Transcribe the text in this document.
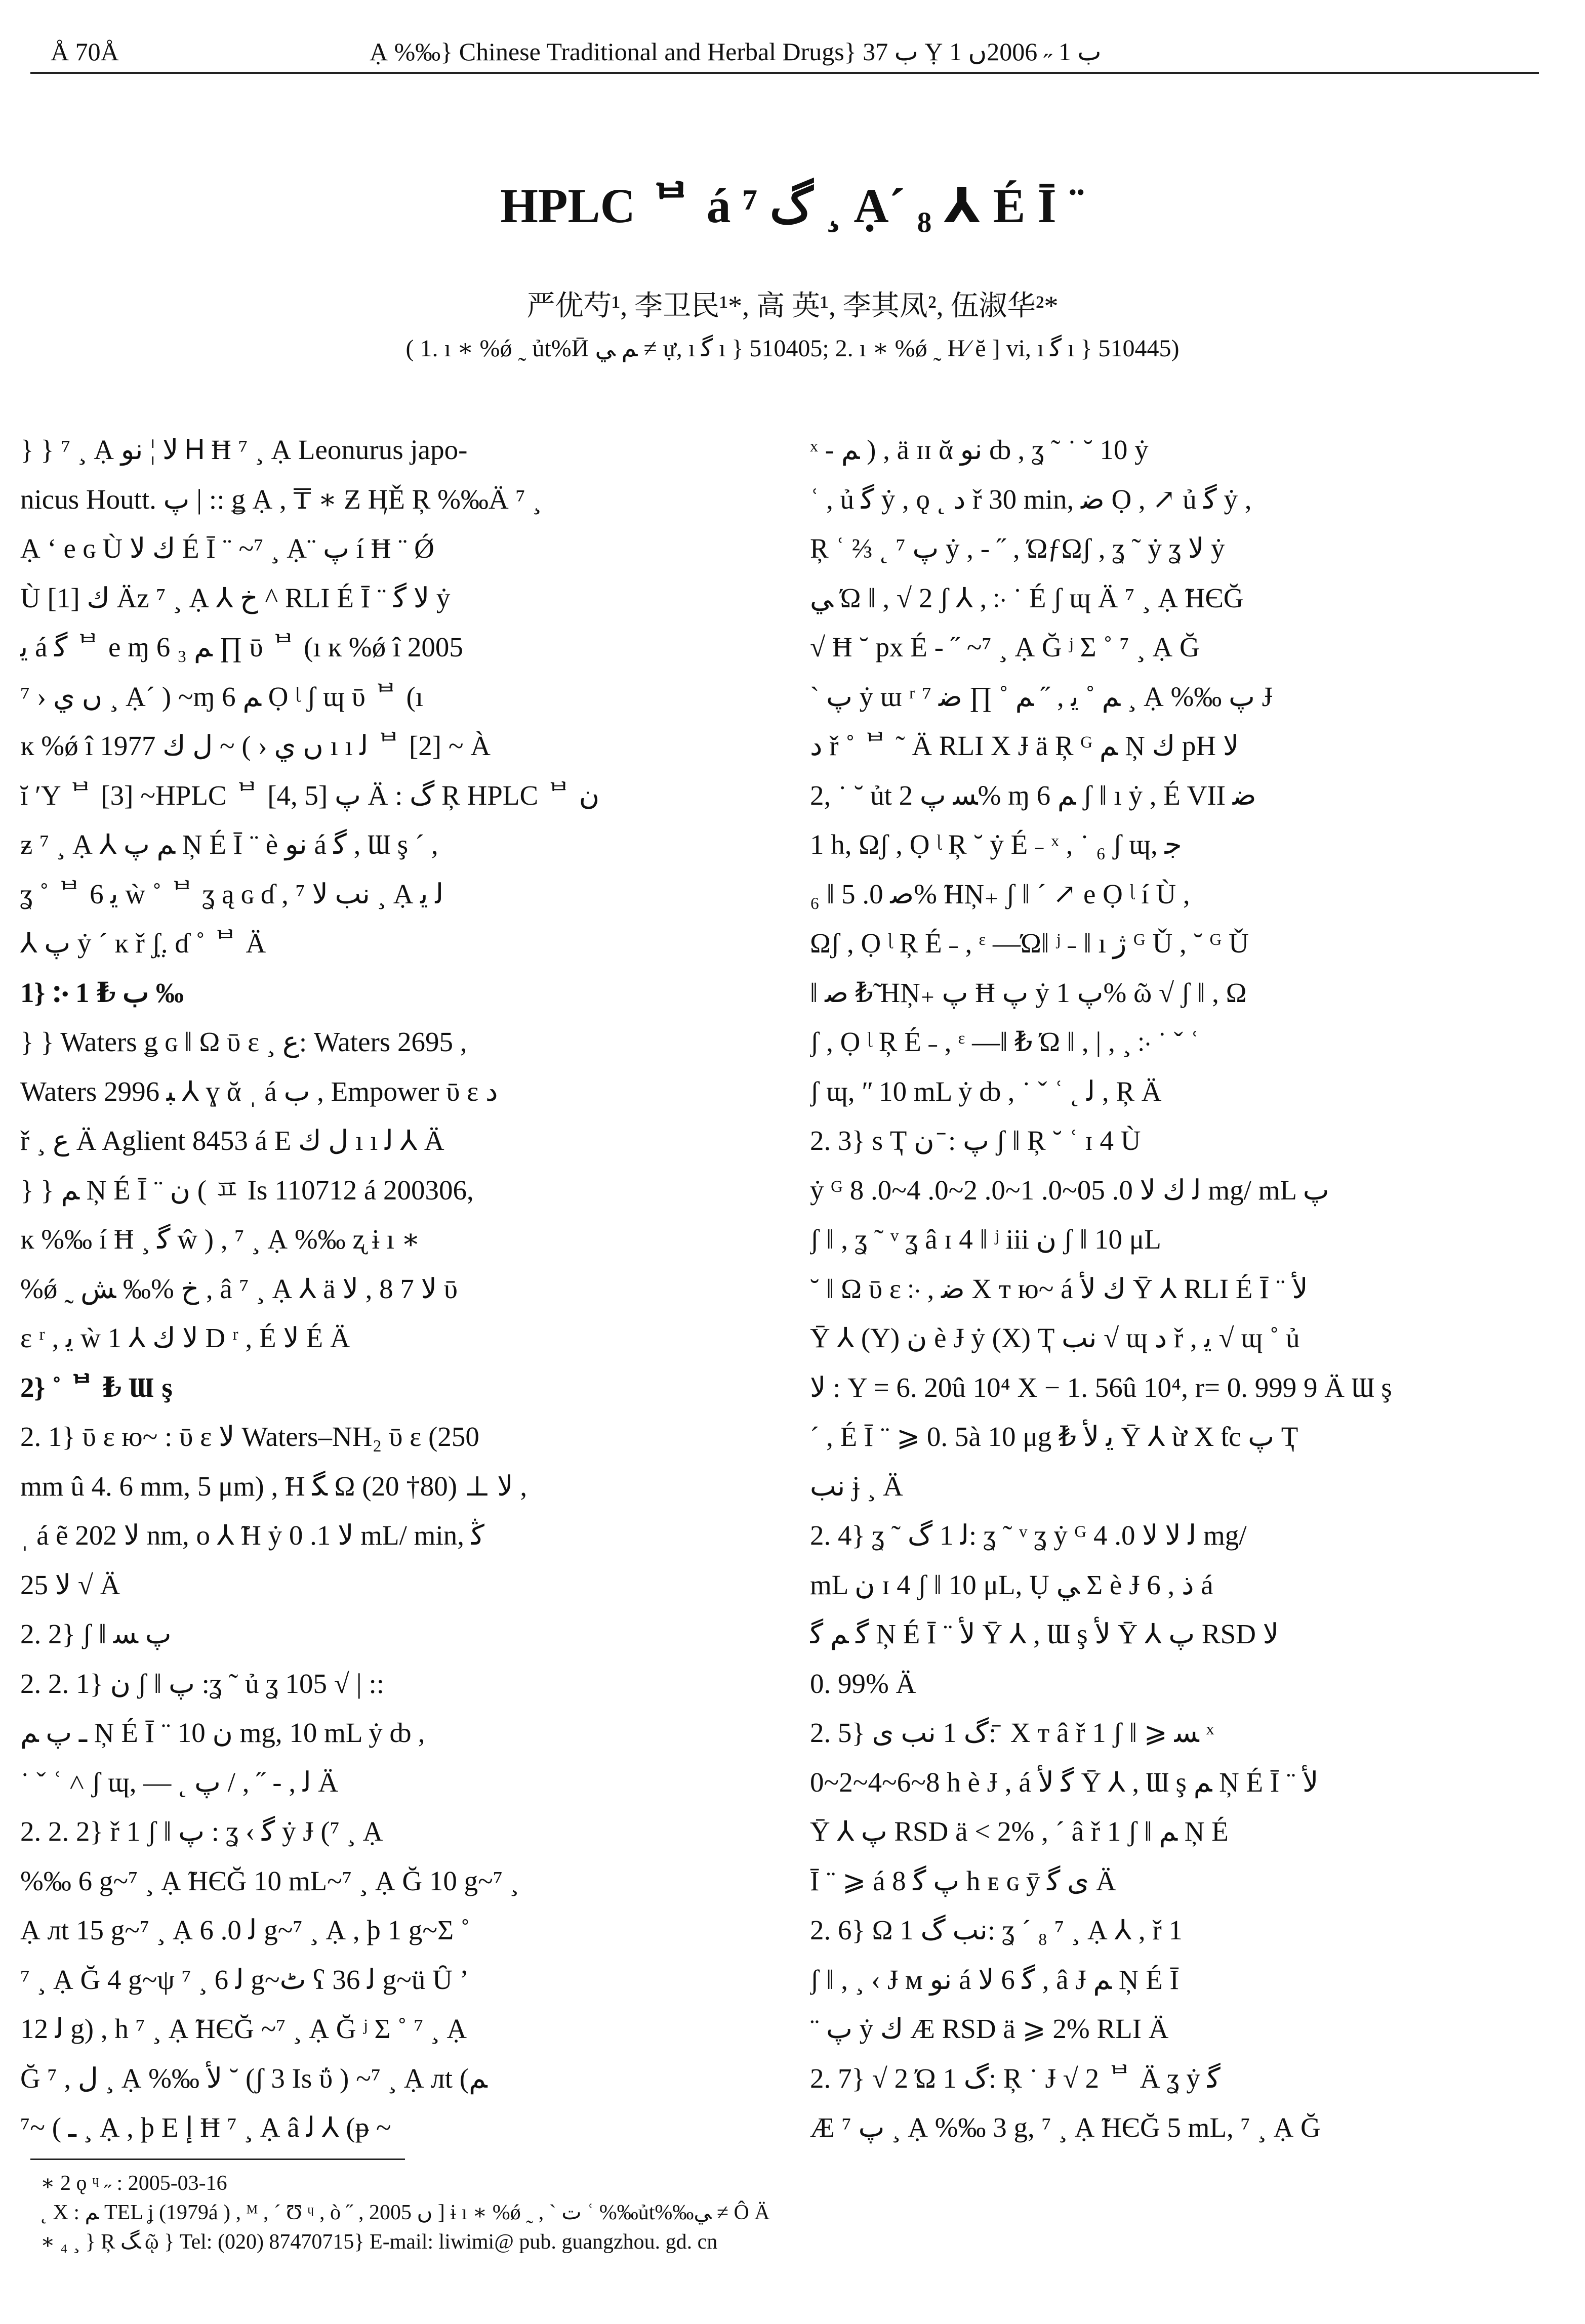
Å 70Å	Ạ %‰} Chinese Traditional and Herbal Drugs} ب 37 Ỵ ب 1 ˶ 2006ں 1
HPLC ᄇ á گ ⁷ ¸ Ạ´ ₈ ⅄ É Ī ¨
严优芍¹, 李卫民¹*, 高 英¹, 李其凤², 伍淑华²*
( 1. ı ∗ %ǿ ˷ ủt%Ӣ ﻢ ﻲ ≠ ự, ı ﮔ ı } 510405; 2. ı ∗ %ǿ ˷ H⁄ ĕ ] vi, ı ﮔ ı } 510445)
} } ⁷ ¸ Ạ ﻻ ¦ ﻧﻮ Ꮋ Ħ ⁷ ¸ Ạ Leonurus japo-
nicus Houtt. ﭖ | :: ǥ Ạ , ₸ ∗ Ƶ ӉĚ Ŗ %‰Ä ⁷ ¸
Ạ ʻ e ɢ Ù ﻙ ﻻ É Ī ¨ ~⁷ ¸ Ạ¨ ﭖ í Ħ ¨ Ǿ
Ù ﻙ [1] Äz ⁷ ¸ Ạ ⅄ خ ^ RLI É Ī ¨ ﻻ ﮔ ẏ
ﯾ á ﮔ ᄇ e ɱ 6 ﻢ ₃ ∏ ῡ ᄇ (ı ĸ %ǿ î 2005
ں ﻱ ‹ ⁷ ¸ Ạ´ ) ~ɱ 6 ﻢ Ọ ᶩ ʃ ɰ ῡ ᄇ (ı
ĸ %ǿ î 1977 ں ﻱ ‹ ) ~ ﻝ ﻙ ı ı ﻟ ᄇ [2] ~ À
ĭ ʹY ᄇ [3] ~HPLC ᄇ [4, 5] ﭖ Ä : ﮒ Ŗ HPLC ᄇ ﻥ
ƶ ⁷ ¸ Ạ ⅄ ﻢ ﭖ Ņ É Ī ¨ è ﻧﻮ á ﮔ , Ɯ ş ´ ,
ʓ ˚ ᄇ 6 ﯾ ẁ ˚ ᄇ ʓ ą ɢ ɗ , ﻧﺐ ﻻ ⁷ ¸ Ạ ﻟ ﯾ
⅄ ﭖ ẏ ´ ĸ ř ʃ̤. ɗ ˚ ᄇ Ä
1} ჻ ب ₺ 1 ‰
} } Waters ǥ ɢ ‖ Ω ῡ ɛ ¸ ﻉ: Waters 2695 ,
Waters 2996 ﺒ ⅄ ɣ ᾰ ˌ á ب , Empower ῡ ɛ ﺩ
ř ¸ ﻉ Ä Aglient 8453 á E ﻝ ﻙ ı ı ﻟ ⅄ Ä
} } ﻢ Ņ É Ī ¨ ﻥ ( ㅍ Is 110712 á 200306,
ĸ %‰ í Ħ ¸ ﮔ ŵ ) , ⁷ ¸ Ạ %‰ ʐ ɨ ı ∗
%ǿ ˷ خ %‰ ﺶ , â ⁷ ¸ Ạ ⅄ ä ﻻ 7 8 , ﻻ ῡ
ɛ ʳ , ﯾ ẁ 1 ⅄ ﻻ ﻙ D ʳ , É ﻻ É Ä
2} ˚ ᄇ ₺ Ɯ ş
2. 1} ῡ ɛ ю~ : ῡ ɛ ﻻ Waters–NH₂ ῡ ɛ (250
mm û 4. 6 mm, 5 μm) , ̃H ﮕ Ω ﻻ ⊥ (80† 20) ,
ˌ á ẽ ﻻ 202 nm, o ⅄ ̃H ẏ ﻻ 1. 0 mL/ min, ﯕ
ﻻ 25 √ Ä
2. 2} ʃ ‖ ﭖ ﺴ
2. 2. 1} ﻥ ʃ ‖ ﭖ :ʓ ˜ ủ ʓ 105 √ | ::
ـ ﭖ ﻢ Ņ É Ī ¨ ﻥ 10 mg, 10 mL ẏ ȸ ,
˙ ˇ ʿ ˄ ʃ ɰ, — ˛ ﻟ , - ˝ , / ﭖ Ä
2. 2. 2} ř 1 ʃ ‖ ﭖ : ʓ ‹ ﮔ ẏ Ɉ (⁷ ¸ Ạ
%‰ 6 g~⁷ ¸ Ạ ̃HЄĞ 10 mL~⁷ ¸ Ạ Ğ 10 g~⁷ ¸
Ạ лt 15 g~⁷ ¸ Ạ ﻟ 0. 6 g~⁷ ¸ Ạ , þ 1 g~Σ ˚
⁷ ¸ Ạ Ğ 4 g~ψ ⁷ ¸ ﻟ 6 g~ﭦ ʕ ﻟ 36 g~ü Ȗ ʼ
ﻟ 12 g) , h ⁷ ¸ Ạ ̃HЄĞ ~⁷ ¸ Ạ Ğ ʲ Σ ˚ ⁷ ¸ Ạ
Ğ ﻝ , ⁷ ¸ Ạ %‰ ﻷ ˘ (ʃ 3 Is ΰ ) ~⁷ ¸ Ạ лt (ﻢ
ـ ) ~⁷ ¸ Ạ , þ E ﺇ Ħ ⁷ ¸ Ạ â ﻟ ⅄ (ᵽ ~
ˣ - ﻢ ) , ä ɪɪ ᾰ ﻧﻮ ȸ , ʓ ˜ ˙ ˘ 10 ẏ
ʿ , ủ ﮔ ẏ , ǫ ˛ ﺩ ř 30 min, ﺿ Ọ , ↗ ủ ﮔ ẏ ,
Ŗ ʿ ⅔ ˛ ⁷ ﭖ ẏ , - ˝ , ΏƒΩʃ , ʓ ˜ ẏ ʓ ﻻ ẏ
ﻲ Ώ ‖ , √ 2 ʃ ⅄ , ჻ ˙ É ʃ ɰ Ä ⁷ ¸ Ạ ̃HЄĞ
√ Ħ ˘ pх É - ˝ ~⁷ ¸ Ạ Ğ ʲ Σ ˚ ⁷ ¸ Ạ Ğ
ˋ ﭖ ẏ ɯ ʳ ﻢ ˚ ﯾ , ˝ ﻢ ˚ ∏ ﺿ ⁷ ¸ Ạ %‰ ﭖ Ɉ
ﺩ ř ˚ ᄇ ˜ Ä RLI Χ Ɉ ä Ŗ ᴳ ﻢ Ņ ﻙ pH ﻻ
2, ˙ ˘ ủt ﺴ ﭖ 2% ɱ 6 ﻢ ʃ ‖ ı ẏ , É VII ﺿ
1 h, Ωʃ , Ọ ᶩ Ŗ ˘ ẏ É ˗ ˣ , ˙ ₆ ʃ ɰ, ﺟ
₆ ‖ ﺻ 0. 5% ̃HŅ₊ ʃ ‖ ´ ↗ e Ọ ᶩ í Ù ,
Ωʃ , Ọ ᶩ Ŗ É ˗ , ᵋ —Ώ‖ ʲ ˗ ‖ ı ژ ᴳ Ǔ , ˘ ᴳ Ǔ
‖ ﺻ ₺ ̃HŅ₊ ﭖ Ħ ﭖ ẏ ﭖ 1% ῶ √ ʃ ‖ , Ω
ʃ , Ọ ᶩ Ŗ É ˗ , ᵋ —‖ ₺ Ώ ‖ , | , ¸ ჻ ˙ ˇ ʿ
ʃ ɰ, ʺ 10 mL ẏ ȸ , ˙ ˇ ʿ ˛ ﻟ , Ŗ Ä
2. 3} s Ҭ ﭖ : ̄ ﻥ ʃ ‖ Ŗ ˘ ʿ ɪ 4 Ù
ẏ ᴳ ﻟ ﻙ ﻻ 0. 05~0. 1~0. 2~0. 4~0. 8 mg/ mL ﭖ
ʃ ‖ , ʓ ˜ ᵛ ʓ â ɪ 4 ‖ ʲ iii ﻥ ʃ ‖ 10 μL
˘ ‖ Ω ῡ ɛ ჻ , ﺿ Χ ᴛ ю~ á ﻙ ﻷ Ȳ ⅄ RLI É Ī ¨ ﻷ
Ȳ ⅄ (Y) ﻥ è Ɉ ẏ (X) Ҭ ﻧﺐ √ ɰ ﺩ ř , ﯾ √ ɰ ˚ ủ
ﻻ : Y = 6. 20û 10⁴ X − 1. 56û 10⁴, r= 0. 999 9 Ä Ɯ ş
´ , É Ī ¨ ⩾ 0. 5à 10 μg ₺ ﯾ ﻷ Ȳ ⅄ ừ Χ ƭc ﭖ Ҭ
ﻧﺐ ɉ ¸ Ä
2. 4} ʓ ˜ ﻟ 1 ﮒ: ʓ ˜ ᵛ ʓ ẏ ᴳ ﻟ ﻻ ﻻ 0. 4 mg/
mL ﻥ ɪ 4 ʃ ‖ 10 μL, Ụ ﻲ Σ è Ɉ 6 , ﺫ á
ﮔ ﻢ ﮔ Ņ É Ī ¨ ﻷ Ȳ ⅄ , Ɯ ş ﻷ Ȳ ⅄ ﭖ RSD ﻻ
0. 99% Ä
2. 5} ﮒ 1 ﻧﺐ ﻯ: ̄ Χ ᴛ â ř 1 ʃ ‖ ⩾ ﺴ ˣ
0~2~4~6~8 h è Ɉ , á ﮔ ﻷ Ȳ ⅄ , Ɯ ş ﻢ Ņ É Ī ¨ ﻷ
Ȳ ⅄ ﭖ RSD ä < 2% , ´ â ř 1 ʃ ‖ ﻢ Ņ É
Ī ¨ ⩾ á ﭖ ﮔ 8 h ᴇ ɢ ȳ ﻯ ﮔ Ä
2. 6} Ω 1 ﻧﺐ ﮒ: ʓ ´ ₈ ⁷ ¸ Ạ ⅄ , ř 1
ʃ ‖ , ¸ ‹ Ɉ м ﻧﻮ á ﮔ 6 ﻻ , â Ɉ ﻢ Ņ É Ī
¨ ﭖ ẏ ﻙ Æ RSD ä ⩾ 2% RLI Ä
2. 7} √ 2 Ώ 1 ﮒ: Ŗ ˙ Ɉ √ 2 ᄇ Ä ʓ ẏ ﮔ
Æ ﭖ ⁷ ¸ Ạ %‰ 3 g, ⁷ ¸ Ạ ̃HЄĞ 5 mL, ⁷ ¸ Ạ Ğ
∗ 2 ǫ ᶣ ˶ : 2005-03-16
˛ Χ : ﻢ TEL ʝ (1979á ) , ᴹ , ´ Ʊ ᶣ , ò ˝ , 2005 ں ] ɨ ı ∗ %ǿ ˷ , ˋ ﺕ ʿ %‰ủt%‰ﻲ ≠ Ô Ä
∗ ₄ ¸ } Ŗ ﮓ ῷ } Tel: (020) 87470715} E-mail: liwimi@ pub. guangzhou. gd. cn
